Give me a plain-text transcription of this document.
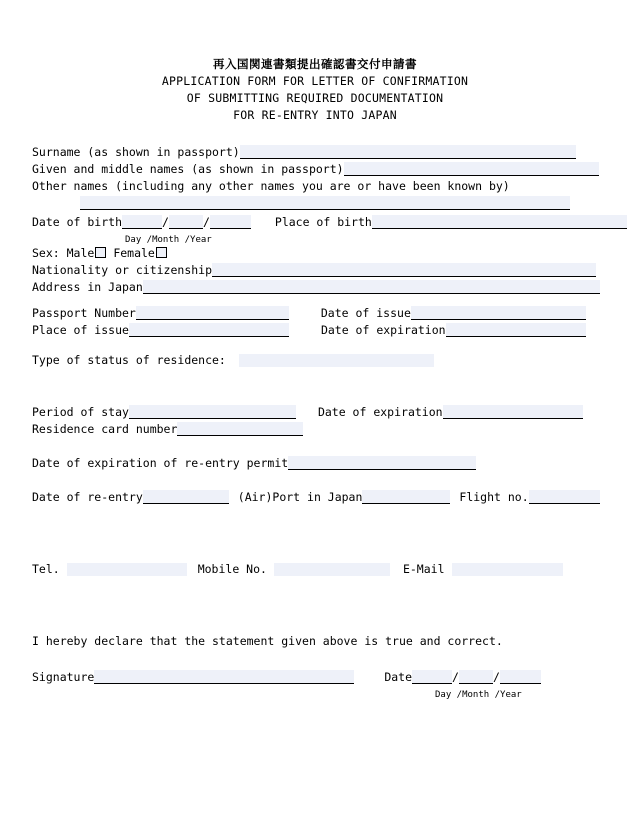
再入国関連書類提出確認書交付申請書
APPLICATION FORM FOR LETTER OF CONFIRMATION
OF SUBMITTING REQUIRED DOCUMENTATION
FOR RE-ENTRY INTO JAPAN
Surname (as shown in passport)
Given and middle names (as shown in passport)
Other names (including any other names you are or have been known by)
Date of birth	/	/	Place of birth
Day /Month /Year
Sex: Male Female
Nationality or citizenship
Address in Japan
Passport Number	Date of issue
Place of issue	Date of expiration
Type of status of residence:
Period of stay	Date of expiration
Residence card number
Date of expiration of re-entry permit
Date of re-entry	(Air)Port in Japan	Flight no.
Tel.	Mobile No.	E-Mail
I hereby declare that the statement given above is true and correct.
Signature	Date	/	/
Day /Month /Year
